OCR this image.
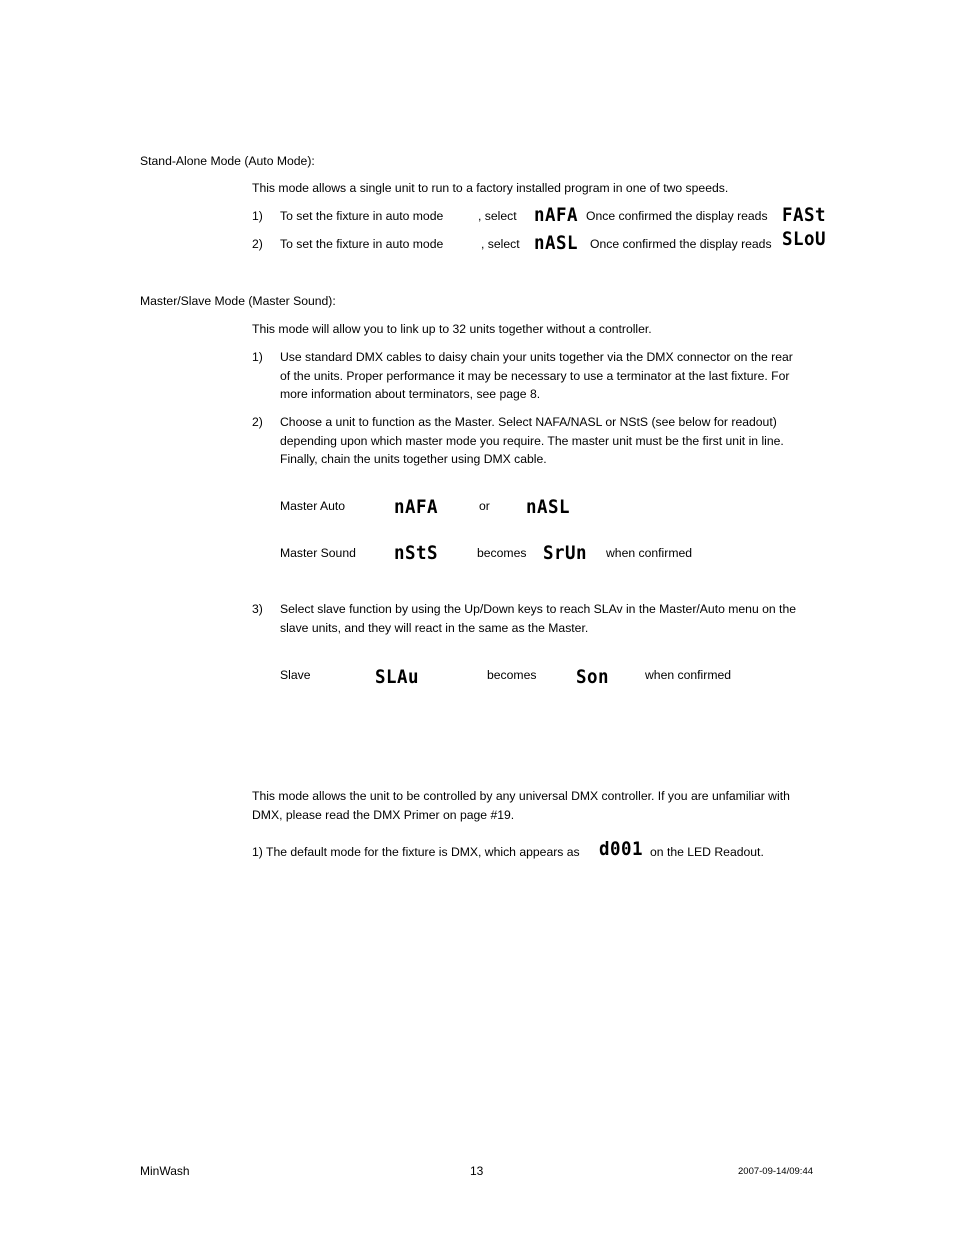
Stand-Alone Mode (Auto Mode):
This mode allows a single unit to run to a factory installed program in one of two speeds.
1) To set the fixture in auto mode	, select nAFA Once confirmed the display reads FASt
2) To set the fixture in auto mode	, select nASL Once confirmed the display reads SLoU
Master/Slave Mode (Master Sound):
This mode will allow you to link up to 32 units together without a controller.
1) Use standard DMX cables to daisy chain your units together via the DMX connector on the rear
of the units. Proper performance it may be necessary to use a terminator at the last fixture. For
more information about terminators, see page 8.
2) Choose a unit to function as the Master. Select NAFA/NASL or NStS (see below for readout)
depending upon which master mode you require. The master unit must be the first unit in line.
Finally, chain the units together using DMX cable.
Master Auto	nAFA	or nASL
Master Sound nStS	becomes SrUn when confirmed
3) Select slave function by using the Up/Down keys to reach SLAv in the Master/Auto menu on the
slave units, and they will react in the same as the Master.
Slave	SLAu	becomes Son	when confirmed
This mode allows the unit to be controlled by any universal DMX controller. If you are unfamiliar with
DMX, please read the DMX Primer on page #19.
1) The default mode for the fixture is DMX, which appears as d001 on the LED Readout.
MinWash	13	2007-09-14/09:44
